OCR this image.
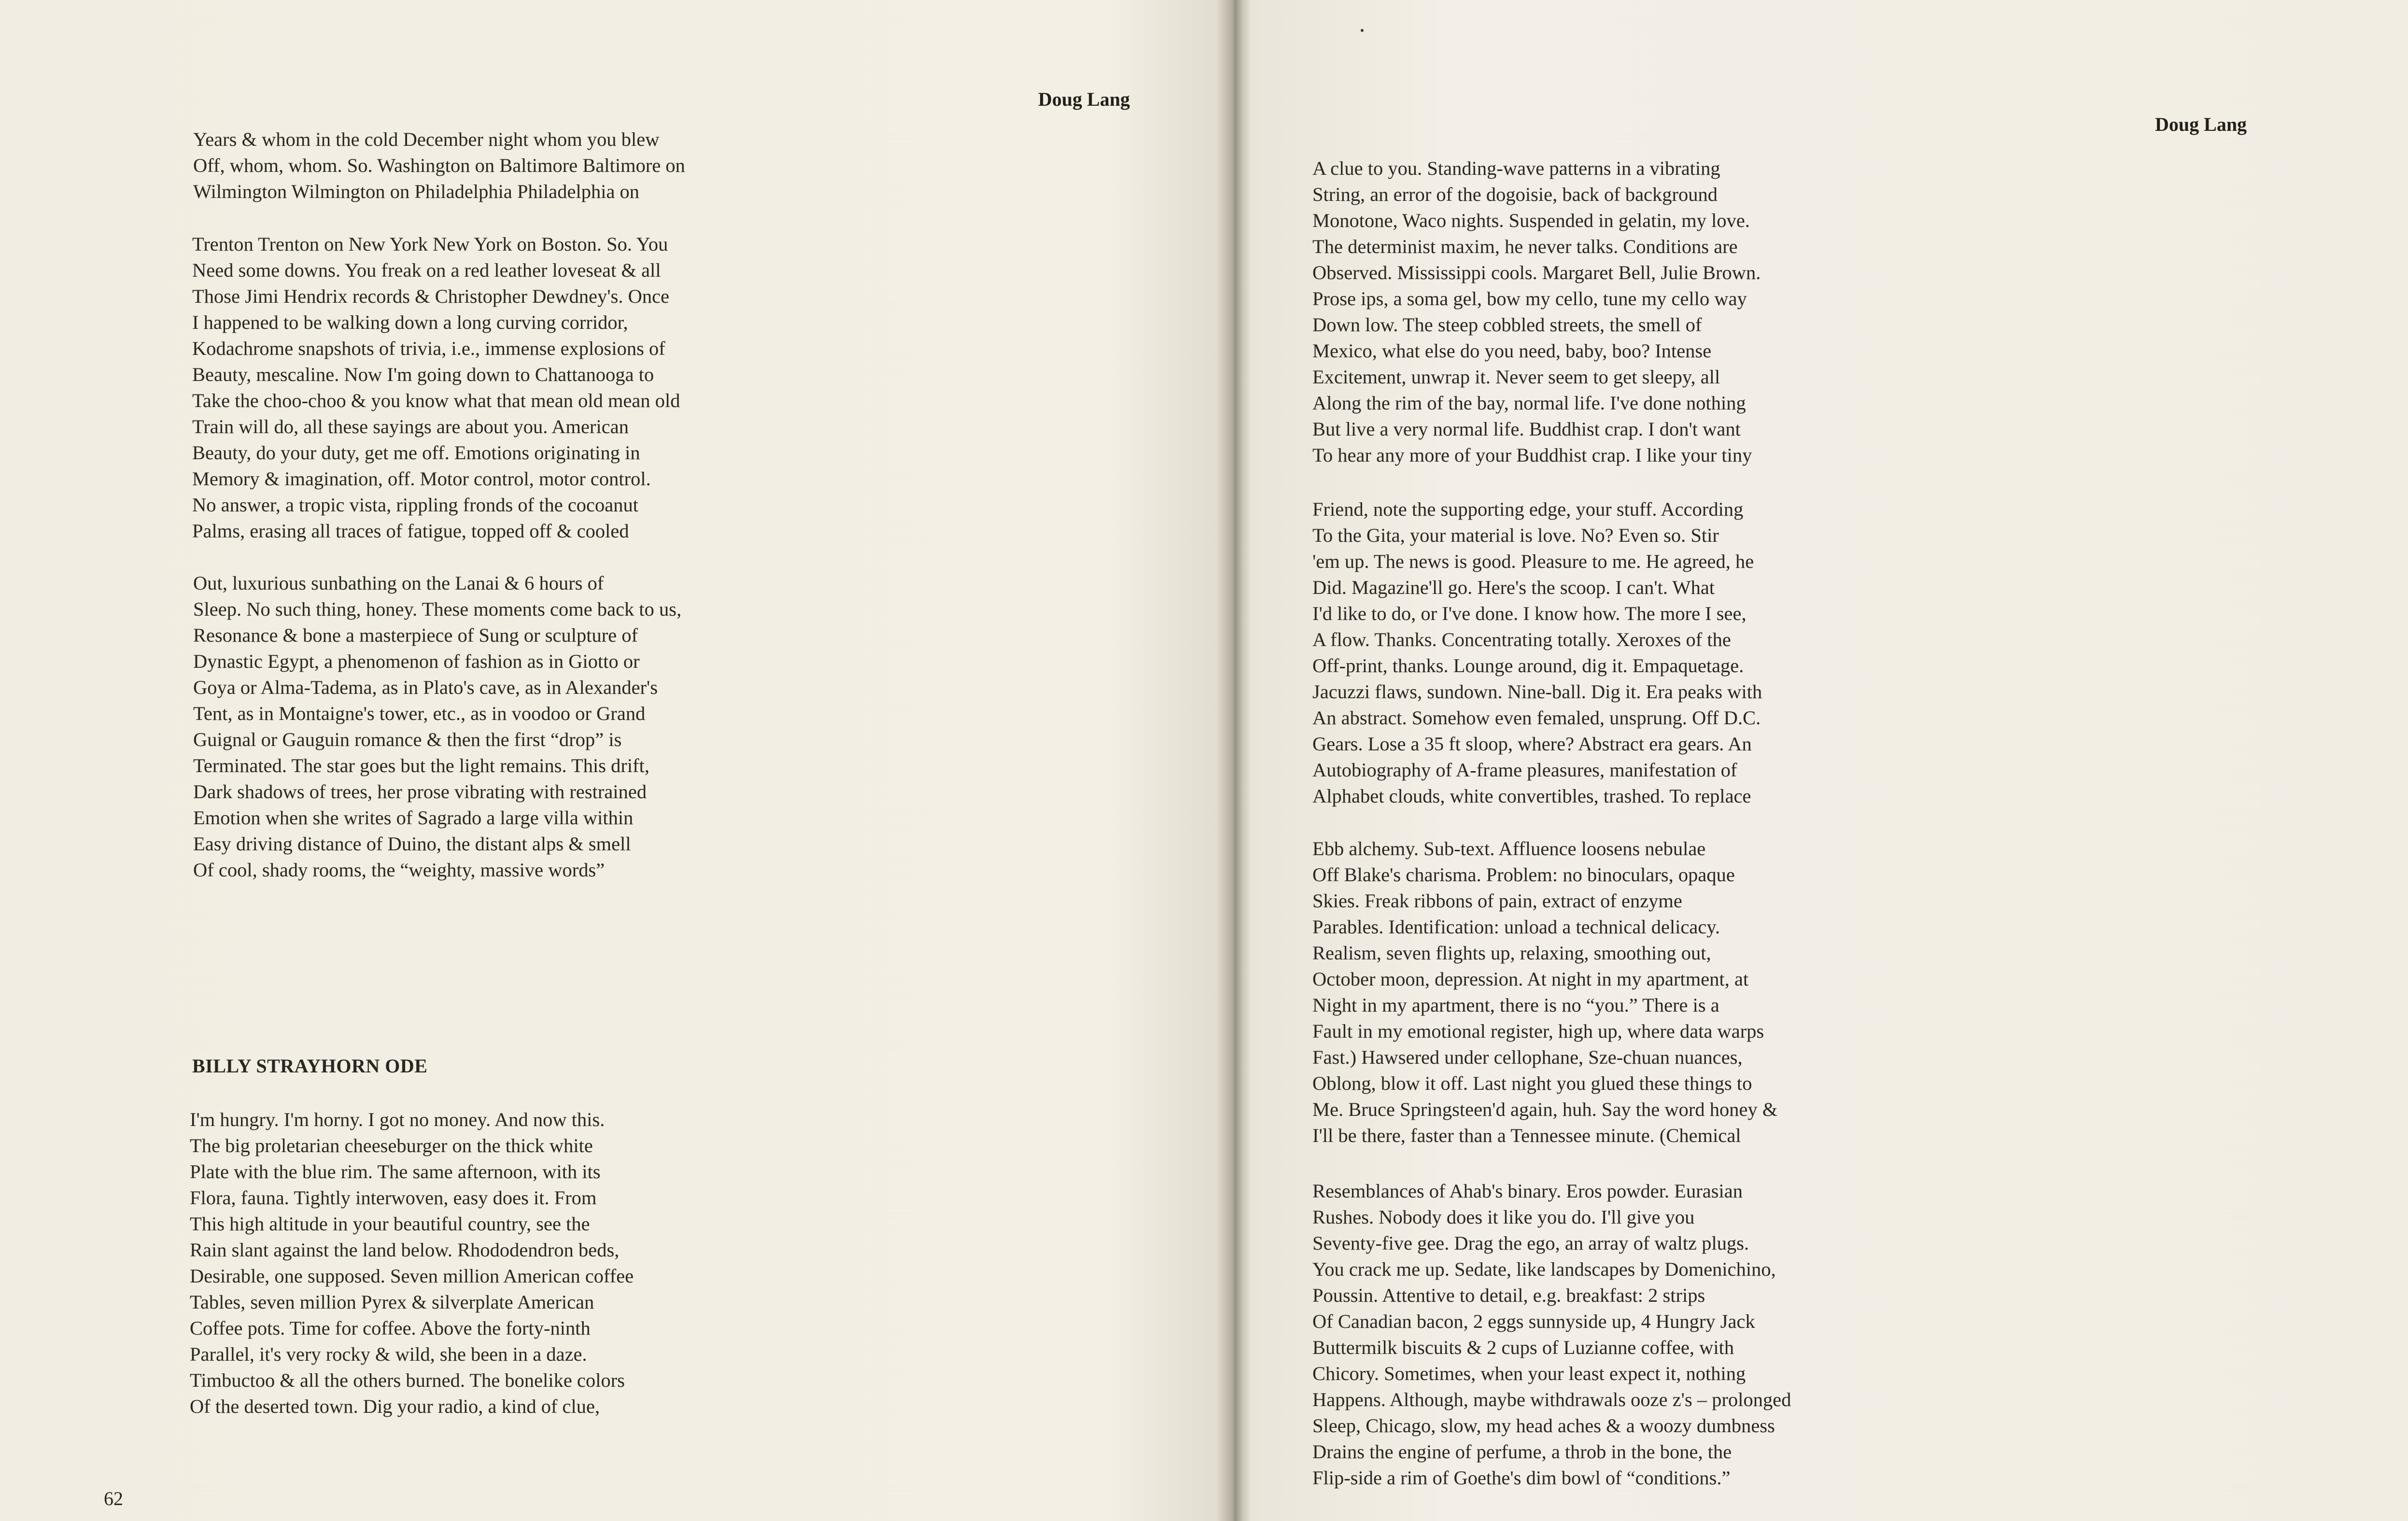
Doug Lang
Years & whom in the cold December night whom you blew
Off, whom, whom. So. Washington on Baltimore Baltimore on
Wilmington Wilmington on Philadelphia Philadelphia on
Trenton Trenton on New York New York on Boston. So. You
Need some downs. You freak on a red leather loveseat & all
Those Jimi Hendrix records & Christopher Dewdney's. Once
I happened to be walking down a long curving corridor,
Kodachrome snapshots of trivia, i.e., immense explosions of
Beauty, mescaline. Now I'm going down to Chattanooga to
Take the choo-choo & you know what that mean old mean old
Train will do, all these sayings are about you. American
Beauty, do your duty, get me off. Emotions originating in
Memory & imagination, off. Motor control, motor control.
No answer, a tropic vista, rippling fronds of the cocoanut
Palms, erasing all traces of fatigue, topped off & cooled
Out, luxurious sunbathing on the Lanai & 6 hours of
Sleep. No such thing, honey. These moments come back to us,
Resonance & bone a masterpiece of Sung or sculpture of
Dynastic Egypt, a phenomenon of fashion as in Giotto or
Goya or Alma-Tadema, as in Plato's cave, as in Alexander's
Tent, as in Montaigne's tower, etc., as in voodoo or Grand
Guignal or Gauguin romance & then the first “drop” is
Terminated. The star goes but the light remains. This drift,
Dark shadows of trees, her prose vibrating with restrained
Emotion when she writes of Sagrado a large villa within
Easy driving distance of Duino, the distant alps & smell
Of cool, shady rooms, the “weighty, massive words”
BILLY STRAYHORN ODE
I'm hungry. I'm horny. I got no money. And now this.
The big proletarian cheeseburger on the thick white
Plate with the blue rim. The same afternoon, with its
Flora, fauna. Tightly interwoven, easy does it. From
This high altitude in your beautiful country, see the
Rain slant against the land below. Rhododendron beds,
Desirable, one supposed. Seven million American coffee
Tables, seven million Pyrex & silverplate American
Coffee pots. Time for coffee. Above the forty-ninth
Parallel, it's very rocky & wild, she been in a daze.
Timbuctoo & all the others burned. The bonelike colors
Of the deserted town. Dig your radio, a kind of clue,
62
Doug Lang
A clue to you. Standing-wave patterns in a vibrating
String, an error of the dogoisie, back of background
Monotone, Waco nights. Suspended in gelatin, my love.
The determinist maxim, he never talks. Conditions are
Observed. Mississippi cools. Margaret Bell, Julie Brown.
Prose ips, a soma gel, bow my cello, tune my cello way
Down low. The steep cobbled streets, the smell of
Mexico, what else do you need, baby, boo? Intense
Excitement, unwrap it. Never seem to get sleepy, all
Along the rim of the bay, normal life. I've done nothing
But live a very normal life. Buddhist crap. I don't want
To hear any more of your Buddhist crap. I like your tiny
Friend, note the supporting edge, your stuff. According
To the Gita, your material is love. No? Even so. Stir
'em up. The news is good. Pleasure to me. He agreed, he
Did. Magazine'll go. Here's the scoop. I can't. What
I'd like to do, or I've done. I know how. The more I see,
A flow. Thanks. Concentrating totally. Xeroxes of the
Off-print, thanks. Lounge around, dig it. Empaquetage.
Jacuzzi flaws, sundown. Nine-ball. Dig it. Era peaks with
An abstract. Somehow even femaled, unsprung. Off D.C.
Gears. Lose a 35 ft sloop, where? Abstract era gears. An
Autobiography of A-frame pleasures, manifestation of
Alphabet clouds, white convertibles, trashed. To replace
Ebb alchemy. Sub-text. Affluence loosens nebulae
Off Blake's charisma. Problem: no binoculars, opaque
Skies. Freak ribbons of pain, extract of enzyme
Parables. Identification: unload a technical delicacy.
Realism, seven flights up, relaxing, smoothing out,
October moon, depression. At night in my apartment, at
Night in my apartment, there is no “you.” There is a
Fault in my emotional register, high up, where data warps
Fast.) Hawsered under cellophane, Sze-chuan nuances,
Oblong, blow it off. Last night you glued these things to
Me. Bruce Springsteen'd again, huh. Say the word honey &
I'll be there, faster than a Tennessee minute. (Chemical
Resemblances of Ahab's binary. Eros powder. Eurasian
Rushes. Nobody does it like you do. I'll give you
Seventy-five gee. Drag the ego, an array of waltz plugs.
You crack me up. Sedate, like landscapes by Domenichino,
Poussin. Attentive to detail, e.g. breakfast: 2 strips
Of Canadian bacon, 2 eggs sunnyside up, 4 Hungry Jack
Buttermilk biscuits & 2 cups of Luzianne coffee, with
Chicory. Sometimes, when your least expect it, nothing
Happens. Although, maybe withdrawals ooze z's – prolonged
Sleep, Chicago, slow, my head aches & a woozy dumbness
Drains the engine of perfume, a throb in the bone, the
Flip-side a rim of Goethe's dim bowl of “conditions.”
